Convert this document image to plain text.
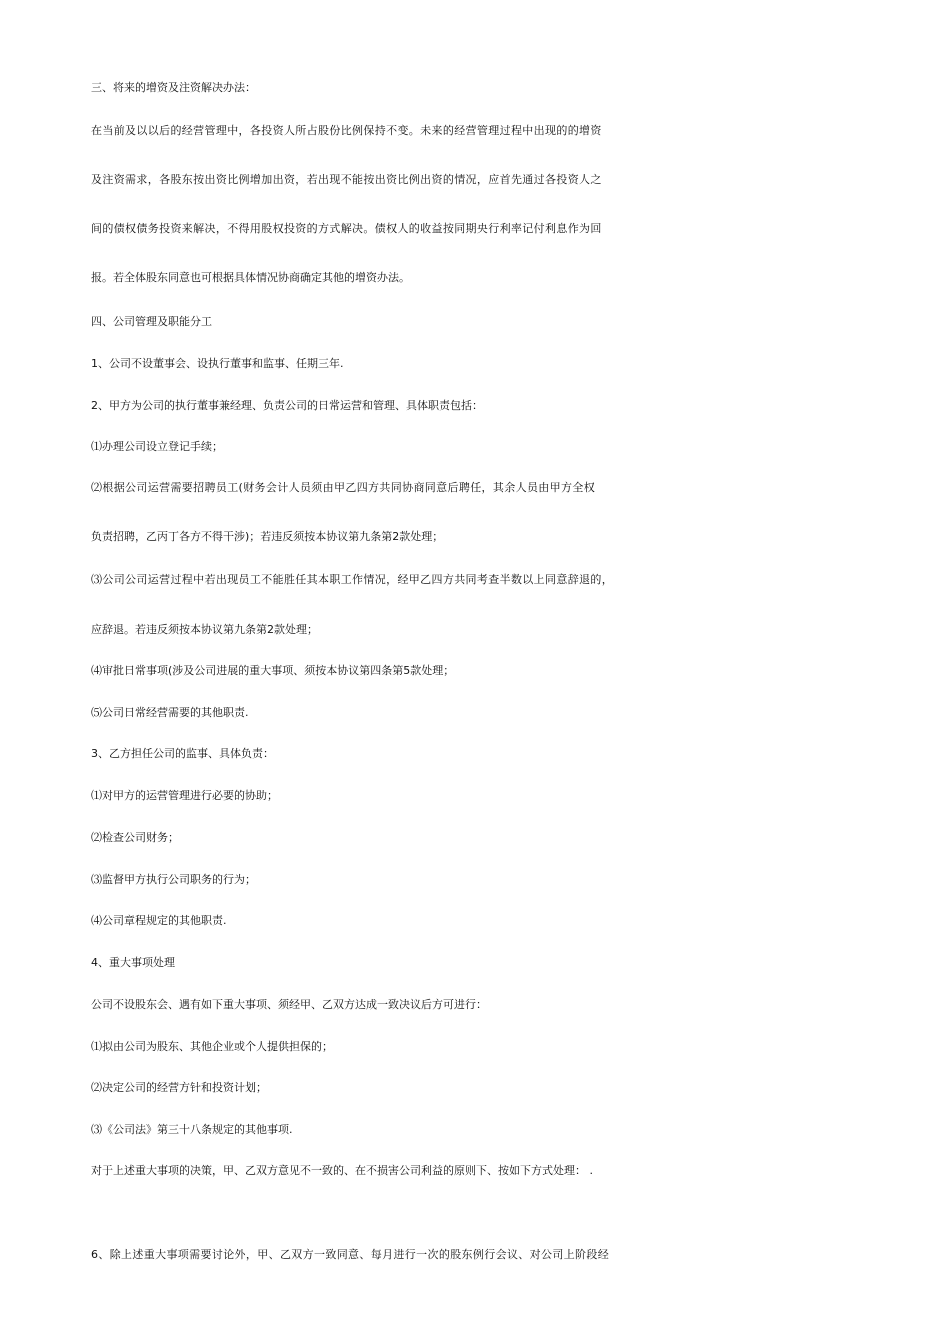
三、将来的增资及注资解决办法：
在当前及以以后的经营管理中，各投资人所占股份比例保持不变。未来的经营管理过程中出现的的增资
及注资需求，各股东按出资比例增加出资，若出现不能按出资比例出资的情况，应首先通过各投资人之
间的债权债务投资来解决，不得用股权投资的方式解决。债权人的收益按同期央行利率记付利息作为回
报。若全体股东同意也可根据具体情况协商确定其他的增资办法。
四、公司管理及职能分工
1、公司不设董事会、设执行董事和监事、任期三年.
2、甲方为公司的执行董事兼经理、负责公司的日常运营和管理、具体职责包括：
⑴办理公司设立登记手续；
⑵根据公司运营需要招聘员工(财务会计人员须由甲乙四方共同协商同意后聘任，其余人员由甲方全权
负责招聘，乙丙丁各方不得干涉)；若违反须按本协议第九条第2款处理；
⑶公司公司运营过程中若出现员工不能胜任其本职工作情况，经甲乙四方共同考查半数以上同意辞退的，
应辞退。若违反须按本协议第九条第2款处理；
⑷审批日常事项(涉及公司进展的重大事项、须按本协议第四条第5款处理；
⑸公司日常经营需要的其他职责.
3、乙方担任公司的监事、具体负责：
⑴对甲方的运营管理进行必要的协助；
⑵检查公司财务；
⑶监督甲方执行公司职务的行为；
⑷公司章程规定的其他职责.
4、重大事项处理
公司不设股东会、遇有如下重大事项、须经甲、乙双方达成一致决议后方可进行：
⑴拟由公司为股东、其他企业或个人提供担保的；
⑵决定公司的经营方针和投资计划；
⑶《公司法》第三十八条规定的其他事项.
对于上述重大事项的决策，甲、乙双方意见不一致的、在不损害公司利益的原则下、按如下方式处理： .
6、除上述重大事项需要讨论外，甲、乙双方一致同意、每月进行一次的股东例行会议、对公司上阶段经
